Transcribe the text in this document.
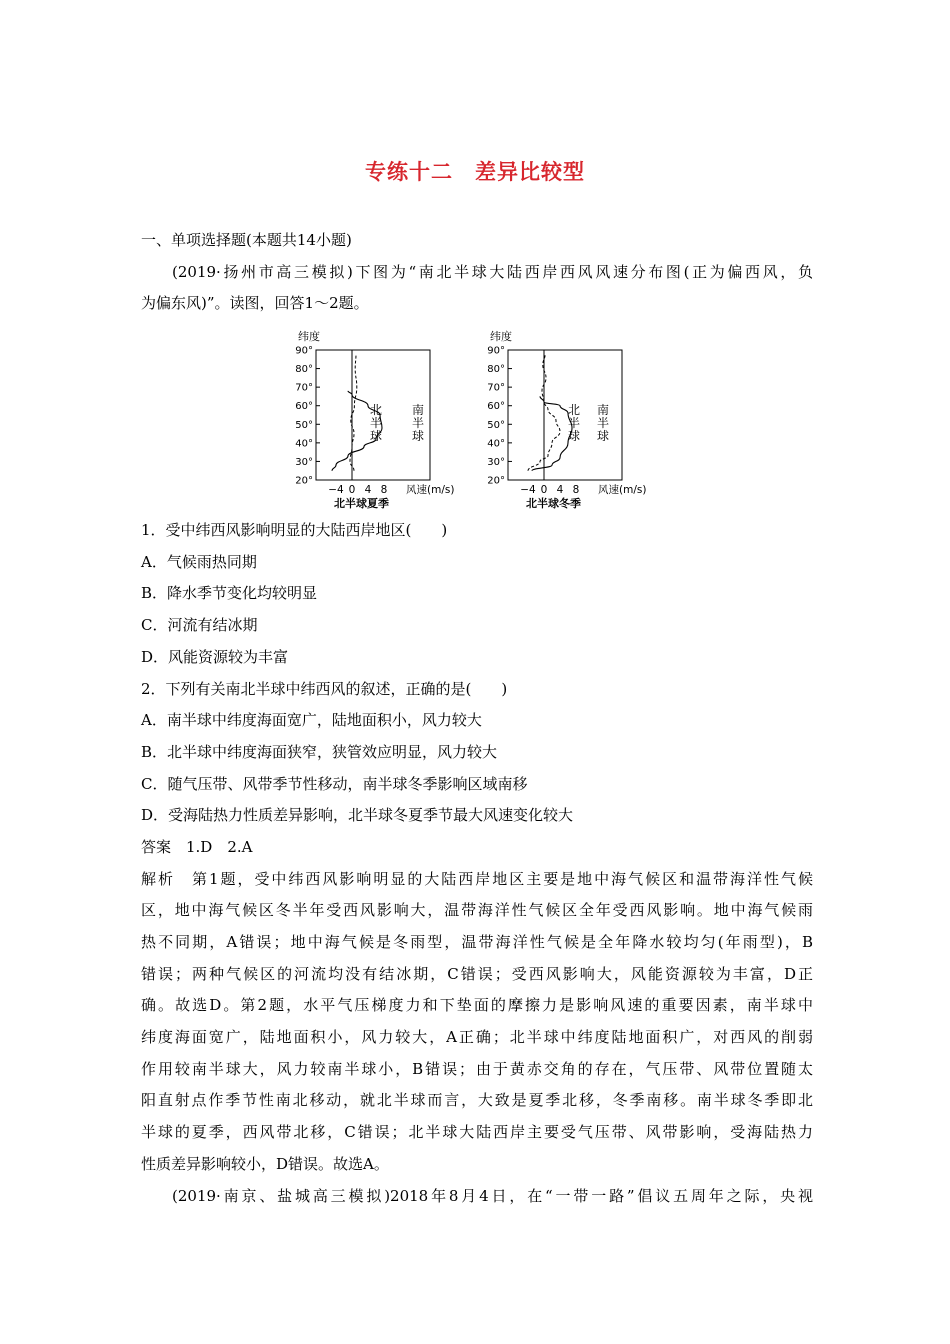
专练十二 差异比较型
一、单项选择题(本题共14小题)
(2019·扬州市高三模拟)下图为“南北半球大陆西岸西风风速分布图(正为偏西风，负
为偏东风)”。读图，回答1～2题。
纬度
90°
80°
70°
60°
50°
40°
30°
20°
−4 0 4 8
北
半
球
南
半
球
风速(m/s)
北半球夏季
纬度
90°
80°
70°
60°
50°
40°
30°
20°
−4 0 4 8
北
半
球
南
半
球
风速(m/s)
北半球冬季
1．受中纬西风影响明显的大陆西岸地区(　　)
A．气候雨热同期
B．降水季节变化均较明显
C．河流有结冰期
D．风能资源较为丰富
2．下列有关南北半球中纬西风的叙述，正确的是(　　)
A．南半球中纬度海面宽广，陆地面积小，风力较大
B．北半球中纬度海面狭窄，狭管效应明显，风力较大
C．随气压带、风带季节性移动，南半球冬季影响区域南移
D．受海陆热力性质差异影响，北半球冬夏季节最大风速变化较大
答案　1.D　2.A
解析　第1题，受中纬西风影响明显的大陆西岸地区主要是地中海气候区和温带海洋性气候
区，地中海气候区冬半年受西风影响大，温带海洋性气候区全年受西风影响。地中海气候雨
热不同期，A错误；地中海气候是冬雨型，温带海洋性气候是全年降水较均匀(年雨型)，B
错误；两种气候区的河流均没有结冰期，C错误；受西风影响大，风能资源较为丰富，D正
确。故选D。第2题，水平气压梯度力和下垫面的摩擦力是影响风速的重要因素，南半球中
纬度海面宽广，陆地面积小，风力较大，A正确；北半球中纬度陆地面积广，对西风的削弱
作用较南半球大，风力较南半球小，B错误；由于黄赤交角的存在，气压带、风带位置随太
阳直射点作季节性南北移动，就北半球而言，大致是夏季北移，冬季南移。南半球冬季即北
半球的夏季，西风带北移，C错误；北半球大陆西岸主要受气压带、风带影响，受海陆热力
性质差异影响较小，D错误。故选A。
(2019·南京、盐城高三模拟)2018年8月4日，在“一带一路”倡议五周年之际，央视
